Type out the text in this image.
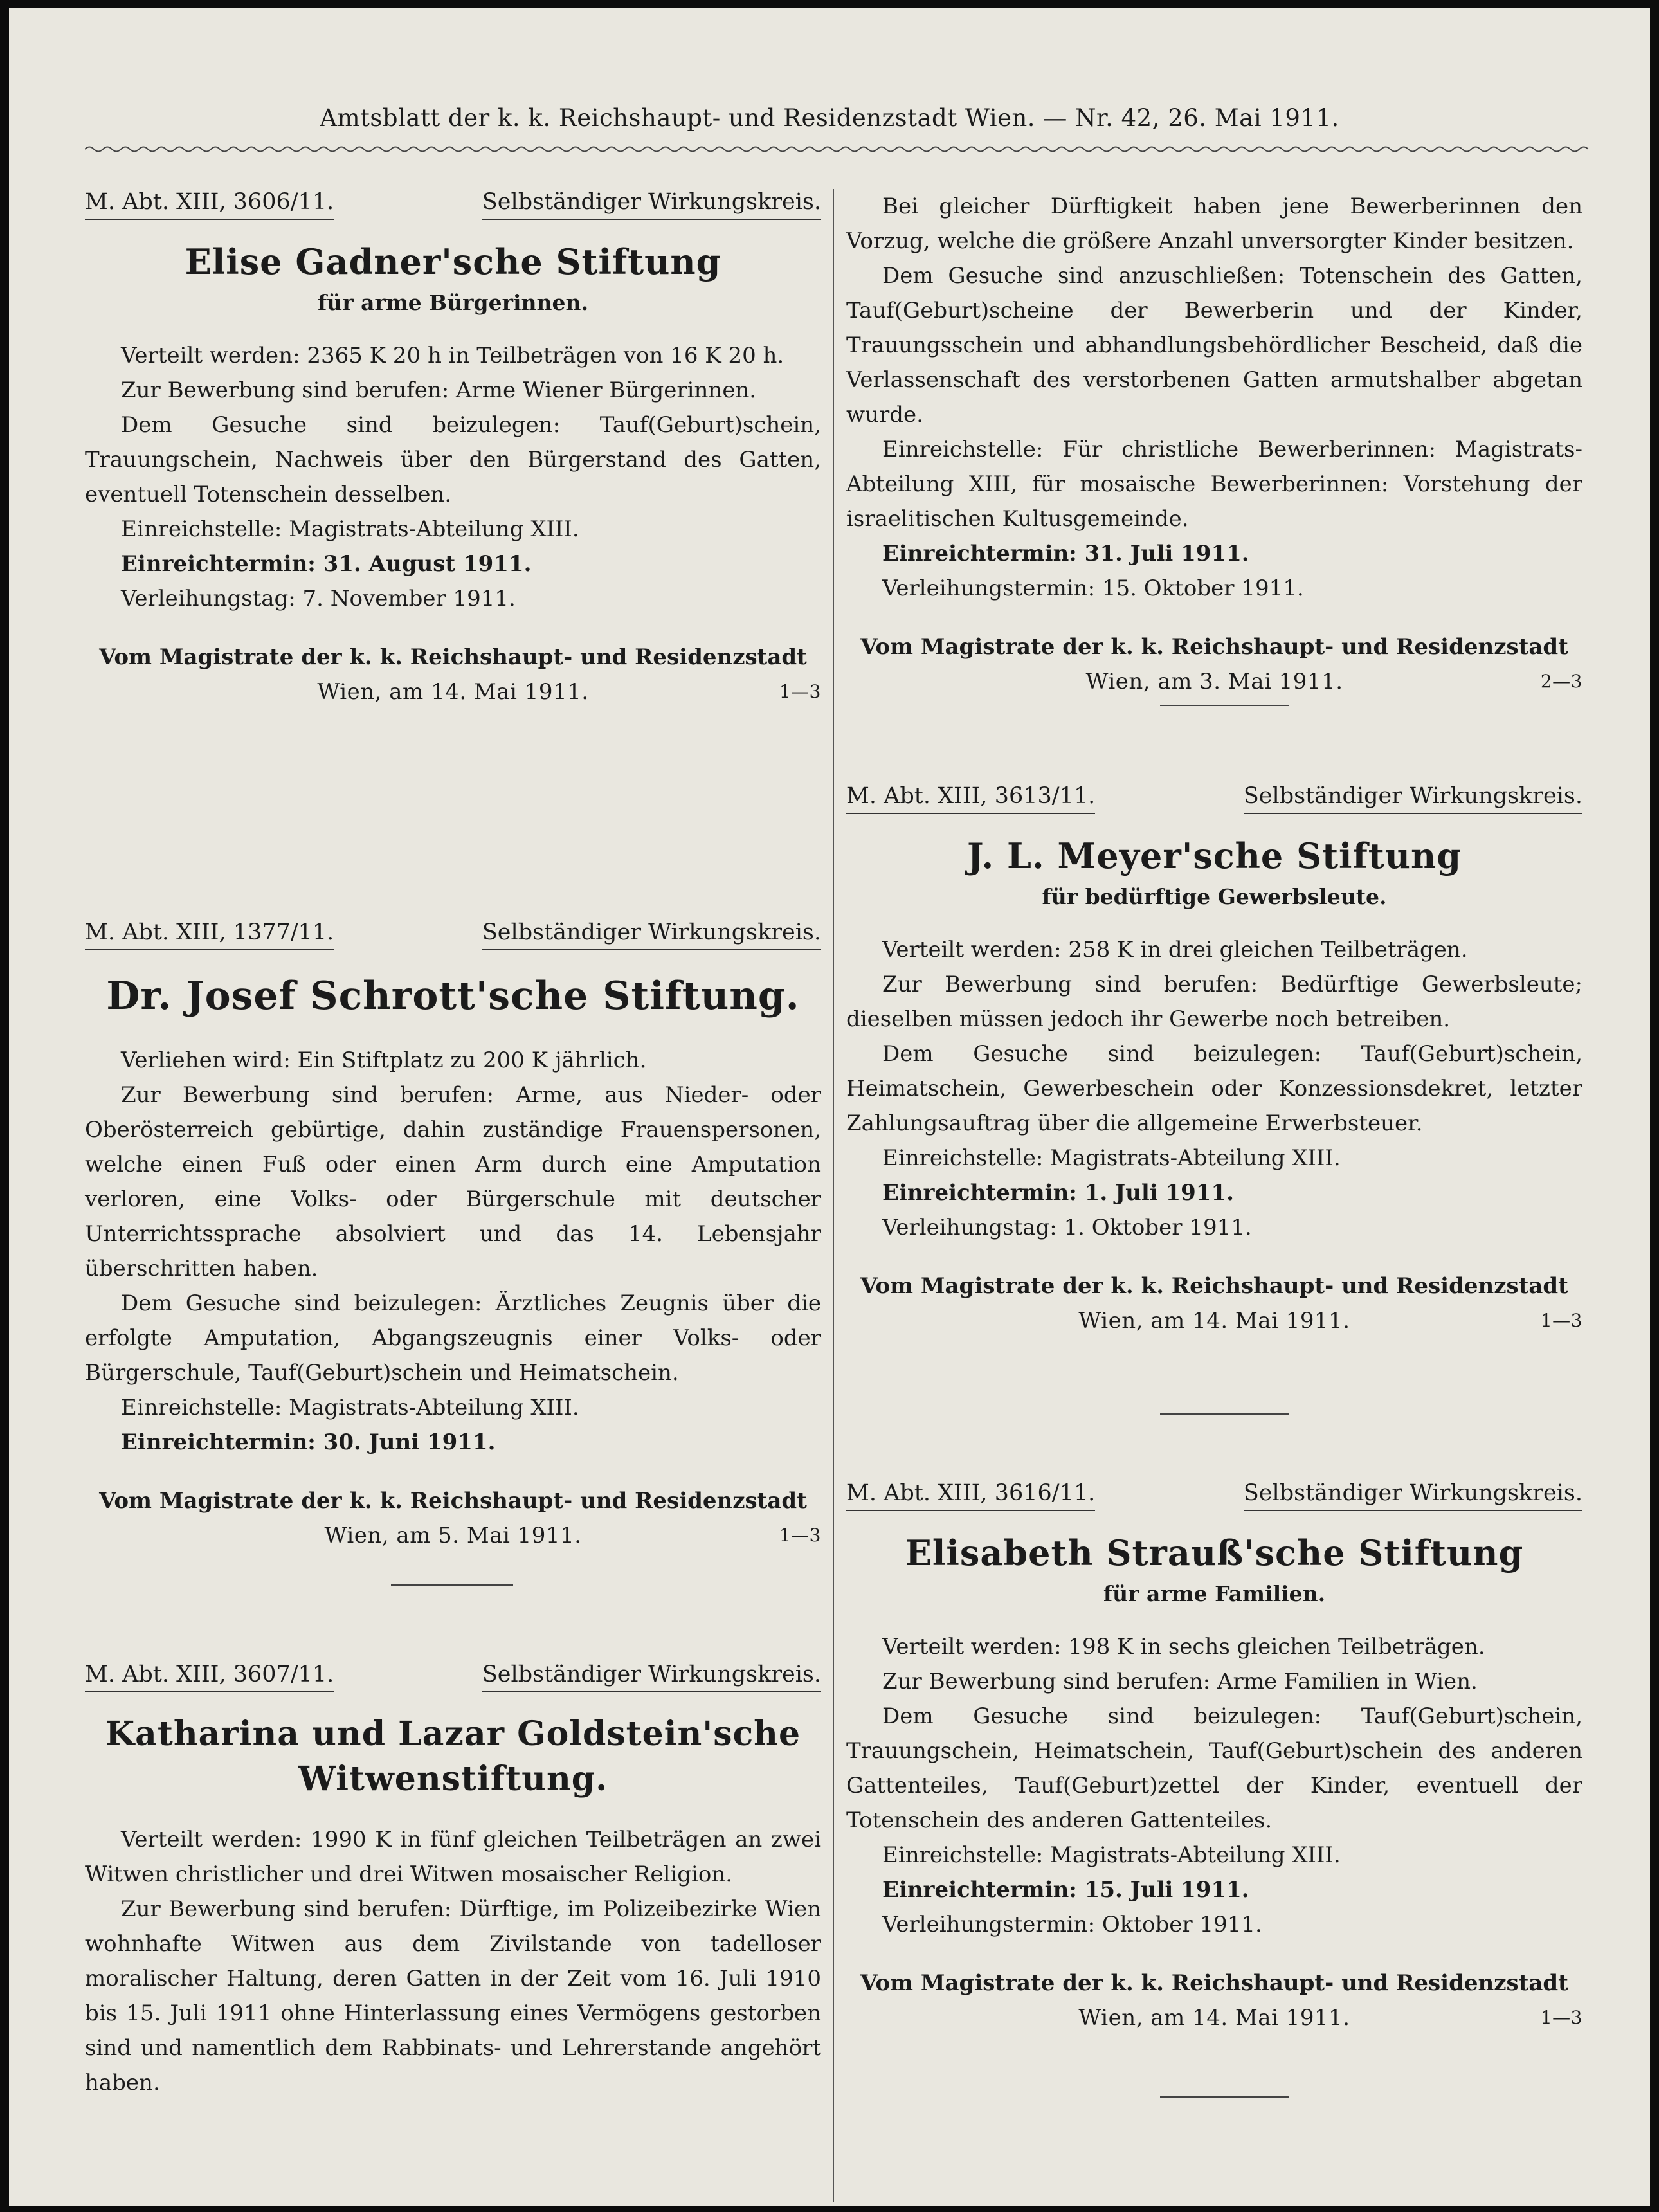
Amtsblatt der k. k. Reichshaupt- und Residenzstadt Wien. — Nr. 42, 26. Mai 1911.
M. Abt. XIII, 3606/11.	Selbständiger Wirkungskreis.
Elise Gadner'sche Stiftung
für arme Bürgerinnen.

Verteilt werden: 2365 K 20 h in Teilbeträgen von 16 K 20 h.

Zur Bewerbung sind berufen: Arme Wiener Bürgerinnen.

Dem Gesuche sind beizulegen: Tauf(Geburt)schein, Trauungschein, Nachweis über den Bürgerstand des Gatten, eventuell Totenschein desselben.

Einreichstelle: Magistrats-Abteilung XIII.

Einreichtermin: 31. August 1911.

Verleihungstag: 7. November 1911.

Vom Magistrate der k. k. Reichshaupt- und Residenzstadt
Wien, am 14. Mai 1911.	1—3
M. Abt. XIII, 1377/11.	Selbständiger Wirkungskreis.
Dr. Josef Schrott'sche Stiftung.

Verliehen wird: Ein Stiftplatz zu 200 K jährlich.

Zur Bewerbung sind berufen: Arme, aus Nieder- oder Oberösterreich gebürtige, dahin zuständige Frauenspersonen, welche einen Fuß oder einen Arm durch eine Amputation verloren, eine Volks- oder Bürgerschule mit deutscher Unterrichtssprache absolviert und das 14. Lebensjahr überschritten haben.

Dem Gesuche sind beizulegen: Ärztliches Zeugnis über die erfolgte Amputation, Abgangszeugnis einer Volks- oder Bürgerschule, Tauf(Geburt)schein und Heimatschein.

Einreichstelle: Magistrats-Abteilung XIII.

Einreichtermin: 30. Juni 1911.

Vom Magistrate der k. k. Reichshaupt- und Residenzstadt
Wien, am 5. Mai 1911.	1—3
M. Abt. XIII, 3607/11.	Selbständiger Wirkungskreis.
Katharina und Lazar Goldstein'sche Witwenstiftung.

Verteilt werden: 1990 K in fünf gleichen Teilbeträgen an zwei Witwen christlicher und drei Witwen mosaischer Religion.

Zur Bewerbung sind berufen: Dürftige, im Polizeibezirke Wien wohnhafte Witwen aus dem Zivilstande von tadelloser moralischer Haltung, deren Gatten in der Zeit vom 16. Juli 1910 bis 15. Juli 1911 ohne Hinterlassung eines Vermögens gestorben sind und namentlich dem Rabbinats- und Lehrerstande angehört haben.

Bei gleicher Dürftigkeit haben jene Bewerberinnen den Vorzug, welche die größere Anzahl unversorgter Kinder besitzen.

Dem Gesuche sind anzuschließen: Totenschein des Gatten, Tauf(Geburt)scheine der Bewerberin und der Kinder, Trauungsschein und abhandlungsbehördlicher Bescheid, daß die Verlassenschaft des verstorbenen Gatten armutshalber abgetan wurde.

Einreichstelle: Für christliche Bewerberinnen: Magistrats-Abteilung XIII, für mosaische Bewerberinnen: Vorstehung der israelitischen Kultusgemeinde.

Einreichtermin: 31. Juli 1911.

Verleihungstermin: 15. Oktober 1911.

Vom Magistrate der k. k. Reichshaupt- und Residenzstadt
Wien, am 3. Mai 1911.	2—3
M. Abt. XIII, 3613/11.	Selbständiger Wirkungskreis.
J. L. Meyer'sche Stiftung
für bedürftige Gewerbsleute.

Verteilt werden: 258 K in drei gleichen Teilbeträgen.

Zur Bewerbung sind berufen: Bedürftige Gewerbsleute; dieselben müssen jedoch ihr Gewerbe noch betreiben.

Dem Gesuche sind beizulegen: Tauf(Geburt)schein, Heimatschein, Gewerbeschein oder Konzessionsdekret, letzter Zahlungsauftrag über die allgemeine Erwerbsteuer.

Einreichstelle: Magistrats-Abteilung XIII.

Einreichtermin: 1. Juli 1911.

Verleihungstag: 1. Oktober 1911.

Vom Magistrate der k. k. Reichshaupt- und Residenzstadt
Wien, am 14. Mai 1911.	1—3
M. Abt. XIII, 3616/11.	Selbständiger Wirkungskreis.
Elisabeth Strauß'sche Stiftung
für arme Familien.

Verteilt werden: 198 K in sechs gleichen Teilbeträgen.

Zur Bewerbung sind berufen: Arme Familien in Wien.

Dem Gesuche sind beizulegen: Tauf(Geburt)schein, Trauungschein, Heimatschein, Tauf(Geburt)schein des anderen Gattenteiles, Tauf(Geburt)zettel der Kinder, eventuell der Totenschein des anderen Gattenteiles.

Einreichstelle: Magistrats-Abteilung XIII.

Einreichtermin: 15. Juli 1911.

Verleihungstermin: Oktober 1911.

Vom Magistrate der k. k. Reichshaupt- und Residenzstadt
Wien, am 14. Mai 1911.	1—3
